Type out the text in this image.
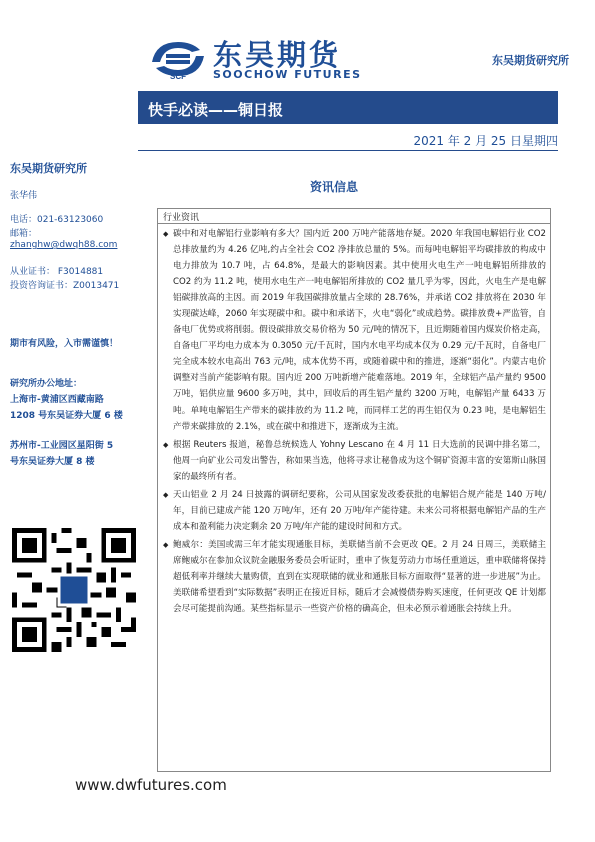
SCF
东吴期货
SOOCHOW FUTURES
东吴期货研究所
快手必读——铜日报
2021 年 2 月 25 日星期四
东吴期货研究所
张华伟
电话：021-63123060
邮箱：
zhanghw@dwqh88.com
从业证书： F3014881
投资咨询证书：Z0013471
期市有风险，入市需谨慎！
研究所办公地址：
上海市-黄浦区西藏南路
1208 号东吴证券大厦 6 楼
苏州市-工业园区星阳街 5
号东吴证券大厦 8 楼
资讯信息
行业资讯
◆ 碳中和对电解铝行业影响有多大？国内近 200 万吨产能落地存疑。2020 年我国电解铝行业 CO2 总排放量约为 4.26 亿吨,约占全社会 CO2 净排放总量的 5%。而每吨电解铝平均碳排放的构成中电力排放为 10.7 吨，占 64.8%，是最大的影响因素。其中使用火电生产一吨电解铝所排放的 CO2 约为 11.2 吨，使用水电生产一吨电解铝所排放的 CO2 量几乎为零，因此，火电生产是电解铝碳排放高的主因。而 2019 年我国碳排放量占全球的 28.76%，并承诺 CO2 排放将在 2030 年实现碳达峰，2060 年实现碳中和。碳中和承诺下，火电“弱化”或成趋势。碳排放费+严监管，自备电厂优势或将削弱。假设碳排放交易价格为 50 元/吨的情况下，且近期随着国内煤炭价格走高，自备电厂平均电力成本为 0.3050 元/千瓦时，国内水电平均成本仅为 0.29 元/千瓦时，自备电厂完全成本较水电高出 763 元/吨，成本优势不再，或随着碳中和的推进，逐渐“弱化”。内蒙古电价调整对当前产能影响有限。国内近 200 万吨新增产能难落地。2019 年，全球铝产品产量约 9500 万吨，铝供应量 9600 多万吨，其中，回收后的再生铝产量约 3200 万吨，电解铝产量 6433 万吨。单吨电解铝生产带来的碳排放约为 11.2 吨，而同样工艺的再生铝仅为 0.23 吨，是电解铝生产带来碳排放的 2.1%，或在碳中和推进下，逐渐成为主流。
◆ 根据 Reuters 报道，秘鲁总统候选人 Yohny Lescano 在 4 月 11 日大选前的民调中排名第二，他周一向矿业公司发出警告，称如果当选，他将寻求让秘鲁成为这个铜矿资源丰富的安第斯山脉国家的最终所有者。
◆ 天山铝业 2 月 24 日披露的调研纪要称，公司从国家发改委获批的电解铝合规产能是 140 万吨/年，目前已建成产能 120 万吨/年，还有 20 万吨/年产能待建。未来公司将根据电解铝产品的生产成本和盈利能力决定剩余 20 万吨/年产能的建设时间和方式。
◆ 鲍威尔：美国或需三年才能实现通胀目标，美联储当前不会更改 QE。2 月 24 日周三，美联储主席鲍威尔在参加众议院金融服务委员会听证时，重申了恢复劳动力市场任重道远，重申联储将保持超低利率并继续大量购债，直到在实现联储的就业和通胀目标方面取得“显著的进一步进展”为止。美联储希望看到“实际数据”表明正在接近目标，随后才会减慢债券购买速度，任何更改 QE 计划都会尽可能提前沟通。某些指标显示一些资产价格的确高企，但未必预示着通胀会持续上升。
www.dwfutures.com
